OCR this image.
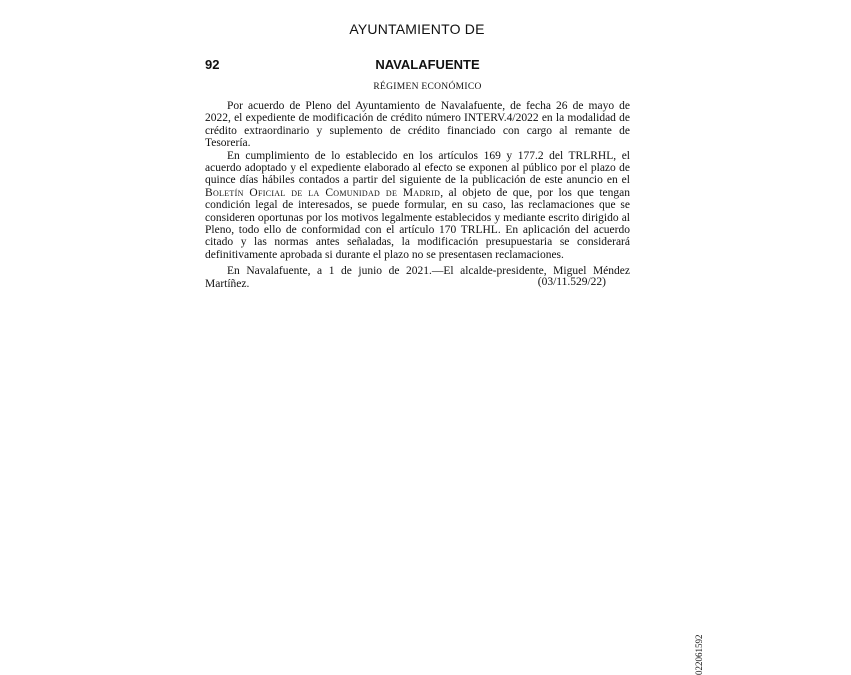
AYUNTAMIENTO DE
92	NAVALAFUENTE
RÉGIMEN ECONÓMICO

Por acuerdo de Pleno del Ayuntamiento de Navalafuente, de fecha 26 de mayo de 2022, el expediente de modificación de crédito número INTERV.4/2022 en la modalidad de crédito extraordinario y suplemento de crédito financiado con cargo al remante de Tesorería.

En cumplimiento de lo establecido en los artículos 169 y 177.2 del TRLRHL, el acuerdo adoptado y el expediente elaborado al efecto se exponen al público por el plazo de quince días hábiles contados a partir del siguiente de la publicación de este anuncio en el Boletín Oficial de la Comunidad de Madrid, al objeto de que, por los que tengan condición legal de interesados, se puede formular, en su caso, las reclamaciones que se consideren oportunas por los motivos legalmente establecidos y mediante escrito dirigido al Pleno, todo ello de conformidad con el artículo 170 TRLHL. En aplicación del acuerdo citado y las normas antes señaladas, la modificación presupuestaria se considerará definitivamente aprobada si durante el plazo no se presentasen reclamaciones.

En Navalafuente, a 1 de junio de 2021.—El alcalde-presidente, Miguel Méndez Martíñez.	(03/11.529/22)
022061592
